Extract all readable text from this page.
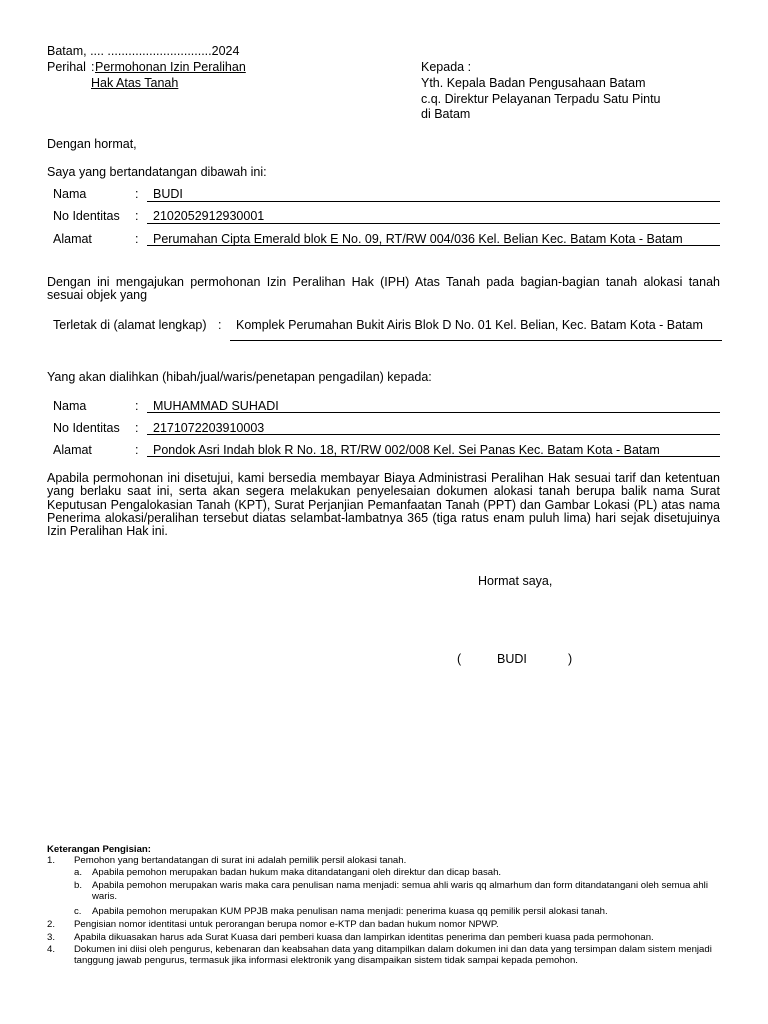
Batam, .... ..............................2024
Perihal : Permohonan Izin Peralihan
Hak Atas Tanah
Kepada :
Yth. Kepala Badan Pengusahaan Batam
c.q. Direktur Pelayanan Terpadu Satu Pintu
di Batam
Dengan hormat,
Saya yang bertandatangan dibawah ini:
Nama	: BUDI
No Identitas : 2102052912930001
Alamat	: Perumahan Cipta Emerald blok E No. 09, RT/RW 004/036 Kel. Belian Kec. Batam Kota - Batam
Dengan ini mengajukan permohonan Izin Peralihan Hak (IPH) Atas Tanah pada bagian-bagian tanah alokasi tanah sesuai objek yang
Terletak di (alamat lengkap) : Komplek Perumahan Bukit Airis Blok D No. 01 Kel. Belian, Kec. Batam Kota - Batam
Yang akan dialihkan (hibah/jual/waris/penetapan pengadilan) kepada:
Nama	: MUHAMMAD SUHADI
No Identitas : 2171072203910003
Alamat	: Pondok Asri Indah blok R No. 18, RT/RW 002/008 Kel. Sei Panas Kec. Batam Kota - Batam
Apabila permohonan ini disetujui, kami bersedia membayar Biaya Administrasi Peralihan Hak sesuai tarif dan ketentuan yang berlaku saat ini, serta akan segera melakukan penyelesaian dokumen alokasi tanah berupa balik nama Surat Keputusan Pengalokasian Tanah (KPT), Surat Perjanjian Pemanfaatan Tanah (PPT) dan Gambar Lokasi (PL) atas nama Penerima alokasi/peralihan tersebut diatas selambat-lambatnya 365 (tiga ratus enam puluh lima) hari sejak disetujuinya Izin Peralihan Hak ini.
Hormat saya,
(	BUDI	)
Keterangan Pengisian:
1. Pemohon yang bertandatangan di surat ini adalah pemilik persil alokasi tanah.
a. Apabila pemohon merupakan badan hukum maka ditandatangani oleh direktur dan dicap basah.
b. Apabila pemohon merupakan waris maka cara penulisan nama menjadi: semua ahli waris qq almarhum dan form ditandatangani oleh semua ahli waris.
c. Apabila pemohon merupakan KUM PPJB maka penulisan nama menjadi: penerima kuasa qq pemilik persil alokasi tanah.
2. Pengisian nomor identitasi untuk perorangan berupa nomor e-KTP dan badan hukum nomor NPWP.
3. Apabila dikuasakan harus ada Surat Kuasa dari pemberi kuasa dan lampirkan identitas penerima dan pemberi kuasa pada permohonan.
4. Dokumen ini diisi oleh pengurus, kebenaran dan keabsahan data yang ditampilkan dalam dokumen ini dan data yang tersimpan dalam sistem menjadi tanggung jawab pengurus, termasuk jika informasi elektronik yang disampaikan sistem tidak sampai kepada pemohon.
